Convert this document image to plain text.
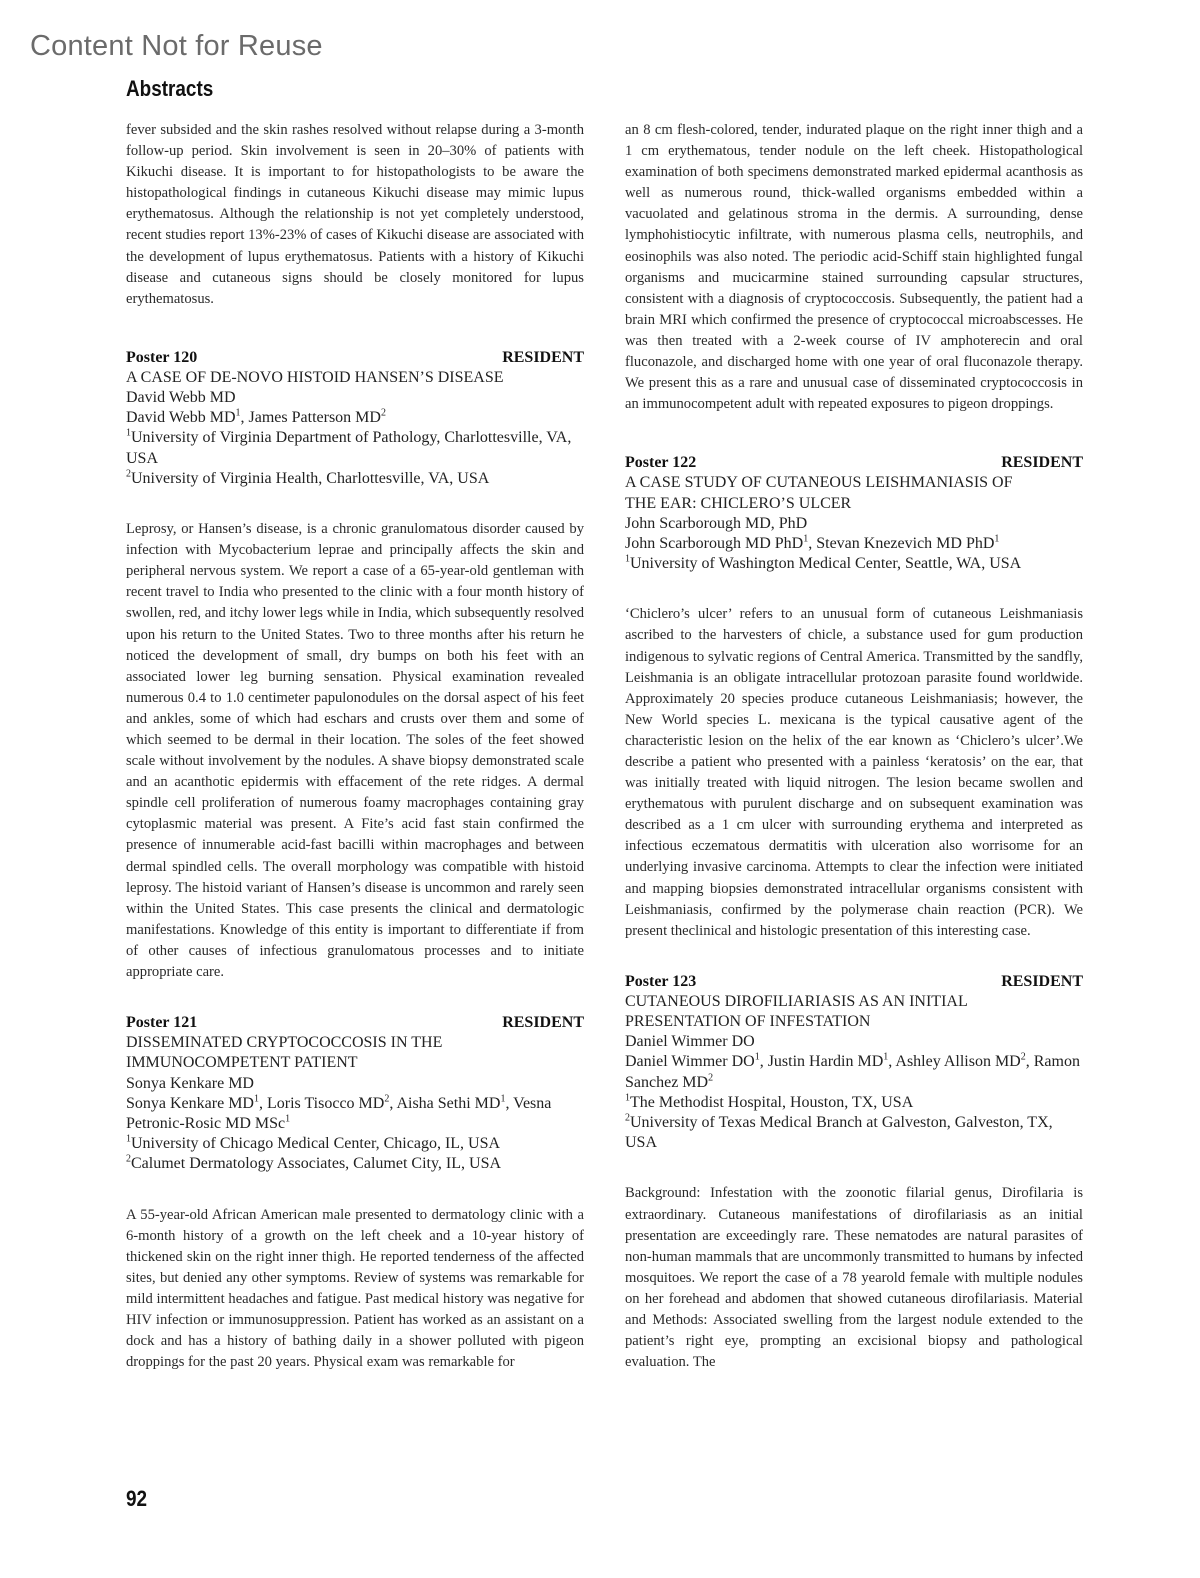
Content Not for Reuse
Abstracts

fever subsided and the skin rashes resolved without relapse during a 3-month follow-up period. Skin involvement is seen in 20–30% of patients with Kikuchi disease. It is important to for histopathologists to be aware the histopathological findings in cutaneous Kikuchi disease may mimic lupus erythematosus. Although the relationship is not yet completely understood, recent studies report 13%-23% of cases of Kikuchi disease are associated with the development of lupus erythematosus. Patients with a history of Kikuchi disease and cutaneous signs should be closely monitored for lupus erythematosus.

Poster 120	RESIDENT
A CASE OF DE-NOVO HISTOID HANSEN’S DISEASE
David Webb MD
David Webb $MD^1$, James Patterson $MD^2$
$^1$University of Virginia Department of Pathology, Charlottesville, VA, USA
$^2$University of Virginia Health, Charlottesville, VA, USA

Leprosy, or Hansen’s disease, is a chronic granulomatous disorder caused by infection with Mycobacterium leprae and principally affects the skin and peripheral nervous system. We report a case of a 65-year-old gentleman with recent travel to India who presented to the clinic with a four month history of swollen, red, and itchy lower legs while in India, which subsequently resolved upon his return to the United States. Two to three months after his return he noticed the development of small, dry bumps on both his feet with an associated lower leg burning sensation. Physical examination revealed numerous 0.4 to 1.0 centimeter papulonodules on the dorsal aspect of his feet and ankles, some of which had eschars and crusts over them and some of which seemed to be dermal in their location. The soles of the feet showed scale without involvement by the nodules. A shave biopsy demonstrated scale and an acanthotic epidermis with effacement of the rete ridges. A dermal spindle cell proliferation of numerous foamy macrophages containing gray cytoplasmic material was present. A Fite’s acid fast stain confirmed the presence of innumerable acid-fast bacilli within macrophages and between dermal spindled cells. The overall morphology was compatible with histoid leprosy. The histoid variant of Hansen’s disease is uncommon and rarely seen within the United States. This case presents the clinical and dermatologic manifestations. Knowledge of this entity is important to differentiate if from of other causes of infectious granulomatous processes and to initiate appropriate care.

Poster 121	RESIDENT
DISSEMINATED CRYPTOCOCCOSIS IN THE
IMMUNOCOMPETENT PATIENT
Sonya Kenkare MD
Sonya Kenkare $MD^1$, Loris Tisocco $MD^2$, Aisha Sethi $MD^1$, Vesna Petronic-Rosic MD MSc$^1$
$^1$University of Chicago Medical Center, Chicago, IL, USA
$^2$Calumet Dermatology Associates, Calumet City, IL, USA

A 55-year-old African American male presented to dermatology clinic with a 6-month history of a growth on the left cheek and a 10-year history of thickened skin on the right inner thigh. He reported tenderness of the affected sites, but denied any other symptoms. Review of systems was remarkable for mild intermittent headaches and fatigue. Past medical history was negative for HIV infection or immunosuppression. Patient has worked as an assistant on a dock and has a history of bathing daily in a shower polluted with pigeon droppings for the past 20 years. Physical exam was remarkable for

an 8 cm flesh-colored, tender, indurated plaque on the right inner thigh and a 1 cm erythematous, tender nodule on the left cheek. Histopathological examination of both specimens demonstrated marked epidermal acanthosis as well as numerous round, thick-walled organisms embedded within a vacuolated and gelatinous stroma in the dermis. A surrounding, dense lymphohistiocytic infiltrate, with numerous plasma cells, neutrophils, and eosinophils was also noted. The periodic acid-Schiff stain highlighted fungal organisms and mucicarmine stained surrounding capsular structures, consistent with a diagnosis of cryptococcosis. Subsequently, the patient had a brain MRI which confirmed the presence of cryptococcal microabscesses. He was then treated with a 2-week course of IV amphoterecin and oral fluconazole, and discharged home with one year of oral fluconazole therapy. We present this as a rare and unusual case of disseminated cryptococcosis in an immunocompetent adult with repeated exposures to pigeon droppings.

Poster 122	RESIDENT
A CASE STUDY OF CUTANEOUS LEISHMANIASIS OF
THE EAR: CHICLERO’S ULCER
John Scarborough MD, PhD
John Scarborough MD PhD$^1$, Stevan Knezevich MD PhD$^1$
$^1$University of Washington Medical Center, Seattle, WA, USA

‘Chiclero’s ulcer’ refers to an unusual form of cutaneous Leishmaniasis ascribed to the harvesters of chicle, a substance used for gum production indigenous to sylvatic regions of Central America. Transmitted by the sandfly, Leishmania is an obligate intracellular protozoan parasite found worldwide. Approximately 20 species produce cutaneous Leishmaniasis; however, the New World species L. mexicana is the typical causative agent of the characteristic lesion on the helix of the ear known as ‘Chiclero’s ulcer’.We describe a patient who presented with a painless ‘keratosis’ on the ear, that was initially treated with liquid nitrogen. The lesion became swollen and erythematous with purulent discharge and on subsequent examination was described as a 1 cm ulcer with surrounding erythema and interpreted as infectious eczematous dermatitis with ulceration also worrisome for an underlying invasive carcinoma. Attempts to clear the infection were initiated and mapping biopsies demonstrated intracellular organisms consistent with Leishmaniasis, confirmed by the polymerase chain reaction (PCR). We present theclinical and histologic presentation of this interesting case.

Poster 123	RESIDENT
CUTANEOUS DIROFILIARIASIS AS AN INITIAL
PRESENTATION OF INFESTATION
Daniel Wimmer DO
Daniel Wimmer $DO^1$, Justin Hardin $MD^1$, Ashley Allison $MD^2$, Ramon Sanchez $MD^2$
$^1$The Methodist Hospital, Houston, TX, USA
$^2$University of Texas Medical Branch at Galveston, Galveston, TX, USA

Background: Infestation with the zoonotic filarial genus, Dirofilaria is extraordinary. Cutaneous manifestations of dirofilariasis as an initial presentation are exceedingly rare. These nematodes are natural parasites of non-human mammals that are uncommonly transmitted to humans by infected mosquitoes. We report the case of a 78 yearold female with multiple nodules on her forehead and abdomen that showed cutaneous dirofilariasis. Material and Methods: Associated swelling from the largest nodule extended to the patient’s right eye, prompting an excisional biopsy and pathological evaluation. The

92
